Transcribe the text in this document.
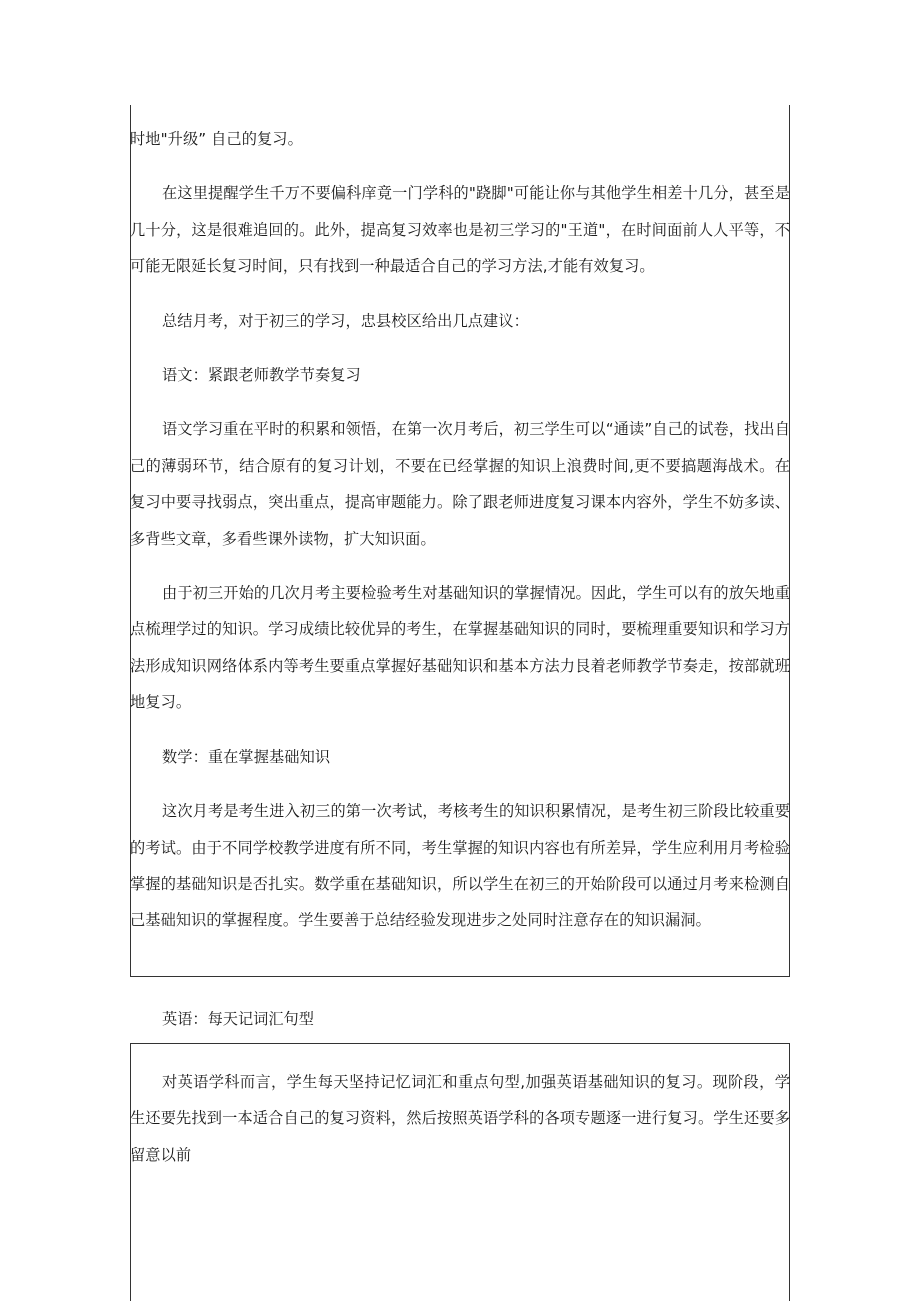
时地"升级” 自己的复习。

在这里提醒学生千万不要偏科庠竟一门学科的"跷脚"可能让你与其他学生相差十几分，甚至是几十分，这是很难追回的。此外，提高复习效率也是初三学习的"王道"，在时间面前人人平等，不可能无限延长复习时间，只有找到一种最适合自己的学习方法,才能有效复习。

总结月考，对于初三的学习，忠县校区给出几点建议：

语文：紧跟老师教学节奏复习

语文学习重在平时的积累和领悟，在第一次月考后，初三学生可以“通读”自己的试卷，找出自己的薄弱环节，结合原有的复习计划，不要在已经掌握的知识上浪费时间,更不要搞题海战术。在复习中要寻找弱点，突出重点，提高审题能力。除了跟老师进度复习课本内容外，学生不妨多读、多背些文章，多看些课外读物，扩大知识面。

由于初三开始的几次月考主要检验考生对基础知识的掌握情况。因此，学生可以有的放矢地重点梳理学过的知识。学习成绩比较优异的考生，在掌握基础知识的同时，要梳理重要知识和学习方法形成知识网络体系内等考生要重点掌握好基础知识和基本方法力艮着老师教学节奏走，按部就班地复习。

数学：重在掌握基础知识

这次月考是考生进入初三的第一次考试，考核考生的知识积累情况，是考生初三阶段比较重要的考试。由于不同学校教学进度有所不同，考生掌握的知识内容也有所差异，学生应利用月考检验掌握的基础知识是否扎实。数学重在基础知识，所以学生在初三的开始阶段可以通过月考来检测自己基础知识的掌握程度。学生要善于总结经验发现进步之处同时注意存在的知识漏洞。

英语：每天记词汇句型

对英语学科而言，学生每天坚持记忆词汇和重点句型,加强英语基础知识的复习。现阶段，学生还要先找到一本适合自己的复习资料，然后按照英语学科的各项专题逐一进行复习。学生还要多留意以前
